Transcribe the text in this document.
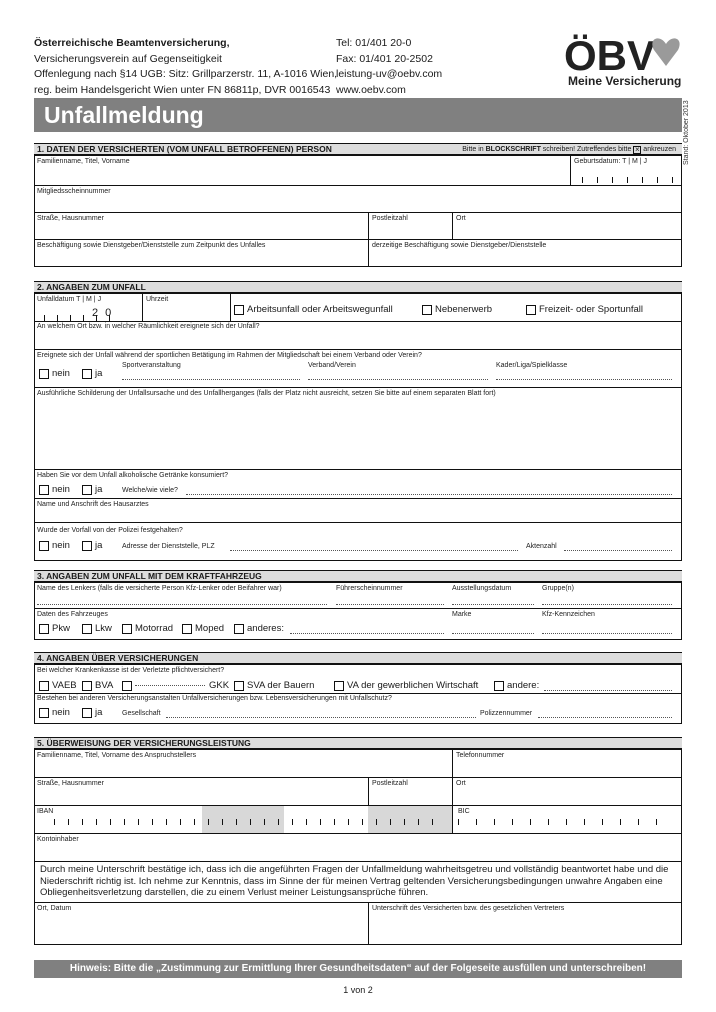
Österreichische Beamtenversicherung,
Versicherungsverein auf Gegenseitigkeit
Offenlegung nach §14 UGB: Sitz: Grillparzerstr. 11, A-1016 Wien,
reg. beim Handelsgericht Wien unter FN 86811p, DVR 0016543
Tel: 01/401 20-0
Fax: 01/401 20-2502
leistung-uv@oebv.com
www.oebv.com
ÖBV
Meine Versicherung
Stand: Oktober 2013
Unfallmeldung
1. DATEN DER VERSICHERTEN (VOM UNFALL BETROFFENEN) PERSON	Bitte in BLOCKSCHRIFT schreiben! Zutreffendes bitte × ankreuzen
Familienname, Titel, Vorname	Geburtsdatum: T | M | J
Mitgliedsscheinnummer
Straße, Hausnummer	Postleitzahl	Ort
Beschäftigung sowie Dienstgeber/Dienststelle zum Zeitpunkt des Unfalles	derzeitige Beschäftigung sowie Dienstgeber/Dienststelle
2. ANGABEN ZUM UNFALL
Unfalldatum T | M | J
2 0
Uhrzeit
Arbeitsunfall oder Arbeitswegunfall	Nebenerwerb	Freizeit- oder Sportunfall
An welchem Ort bzw. in welcher Räumlichkeit ereignete sich der Unfall?
Ereignete sich der Unfall während der sportlichen Betätigung im Rahmen der Mitgliedschaft bei einem Verband oder Verein?
nein	ja
Sportveranstaltung	Verband/Verein	Kader/Liga/Spielklasse
Ausführliche Schilderung der Unfallsursache und des Unfallherganges (falls der Platz nicht ausreicht, setzen Sie bitte auf einem separaten Blatt fort)
Haben Sie vor dem Unfall alkoholische Getränke konsumiert?
nein	ja	Welche/wie viele?
Name und Anschrift des Hausarztes
Wurde der Vorfall von der Polizei festgehalten?
nein	ja	Adresse der Dienststelle, PLZ	Aktenzahl
3. ANGABEN ZUM UNFALL MIT DEM KRAFTFAHRZEUG
Name des Lenkers (falls die versicherte Person Kfz-Lenker oder Beifahrer war)	Führerscheinnummer	Ausstellungsdatum	Gruppe(n)
Daten des Fahrzeuges
Pkw	Lkw Motorrad Moped anderes:
Marke	Kfz-Kennzeichen
4. ANGABEN ÜBER VERSICHERUNGEN
Bei welcher Krankenkasse ist der Verletzte pflichtversichert?
VAEB BVA	GKK SVA der Bauern	VA der gewerblichen Wirtschaft	andere:
Bestehen bei anderen Versicherungsanstalten Unfallversicherungen bzw. Lebensversicherungen mit Unfallschutz?
nein	ja	Gesellschaft	Polizzennummer
5. ÜBERWEISUNG DER VERSICHERUNGSLEISTUNG
Familienname, Titel, Vorname des Anspruchstellers	Telefonnummer
Straße, Hausnummer	Postleitzahl	Ort
IBAN	BIC
Kontoinhaber
Durch meine Unterschrift bestätige ich, dass ich die angeführten Fragen der Unfallmeldung wahrheitsgetreu und vollständig beantwortet habe und die Niederschrift richtig ist. Ich nehme zur Kenntnis, dass im Sinne der für meinen Vertrag geltenden Versicherungsbedingungen unwahre Angaben eine Obliegenheitsverletzung darstellen, die zu einem Verlust meiner Leistungsansprüche führen.
Ort, Datum	Unterschrift des Versicherten bzw. des gesetzlichen Vertreters
Hinweis: Bitte die „Zustimmung zur Ermittlung Ihrer Gesundheitsdaten“ auf der Folgeseite ausfüllen und unterschreiben!
1 von 2
